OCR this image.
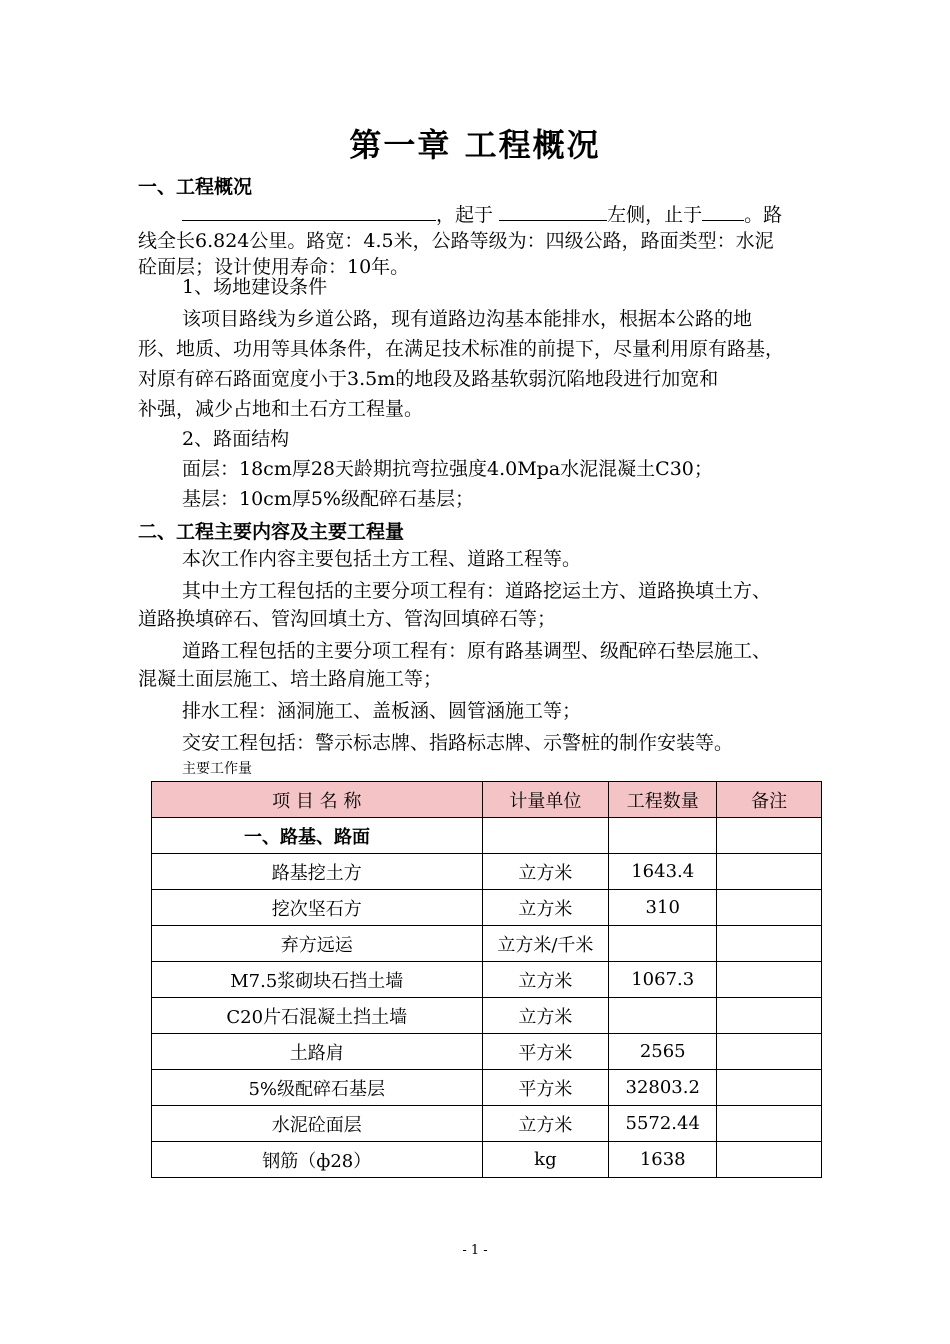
第一章 工程概况
一、工程概况
，起于	左侧，止于 。路
线全长6.824公里。路宽：4.5米，公路等级为：四级公路，路面类型：水泥
砼面层；设计使用寿命：10年。
1、场地建设条件
该项目路线为乡道公路，现有道路边沟基本能排水，根据本公路的地
形、地质、功用等具体条件，在满足技术标准的前提下，尽量利用原有路基，
对原有碎石路面宽度小于3.5m的地段及路基软弱沉陷地段进行加宽和
补强，减少占地和土石方工程量。
2、路面结构
面层：18cm厚28天龄期抗弯拉强度4.0Mpa水泥混凝土C30；
基层：10cm厚5%级配碎石基层；
二、工程主要内容及主要工程量
本次工作内容主要包括土方工程、道路工程等。
其中土方工程包括的主要分项工程有：道路挖运土方、道路换填土方、
道路换填碎石、管沟回填土方、管沟回填碎石等；
道路工程包括的主要分项工程有：原有路基调型、级配碎石垫层施工、
混凝土面层施工、培土路肩施工等；
排水工程：涵洞施工、盖板涵、圆管涵施工等；
交安工程包括：警示标志牌、指路标志牌、示警桩的制作安装等。
主要工作量
项 目 名 称	计量单位	工程数量	备注
一、路基、路面			
路基挖土方	立方米	1643.4	
挖次坚石方	立方米	310	
弃方远运	立方米/千米		
M7.5浆砌块石挡土墙	立方米	1067.3	
C20片石混凝土挡土墙	立方米		
土路肩	平方米	2565	
5%级配碎石基层	平方米	32803.2	
水泥砼面层	立方米	5572.44	
钢筋（ф28）	kg	1638	
- 1 -
